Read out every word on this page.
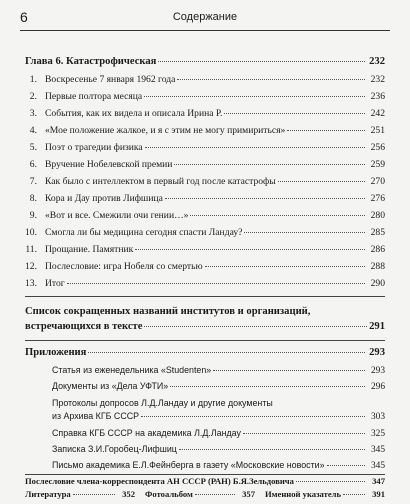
6	Содержание
Глава 6. Катастрофическая	232
1. Воскресенье 7 января 1962 года	232
2. Первые полтора месяца	236
3. События, как их видела и описала Ирина Р.	242
4. «Мое положение жалкое, и я с этим не могу примириться»	251
5. Поэт о трагедии физика	256
6. Вручение Нобелевской премии	259
7. Как было с интеллектом в первый год после катастрофы	270
8. Кора и Дау против Лифшица	276
9. «Вот и все. Смежили очи гении…»	280
10. Смогла ли бы медицина сегодня спасти Ландау?	285
11. Прощание. Памятник	286
12. Послесловие: игра Нобеля со смертью	288
13. Итог	290
Список сокращенных названий институтов и организаций,
встречающихся в тексте	291
Приложения	293
Статья из еженедельника «Studenten»	293
Документы из «Дела УФТИ»	296
Протоколы допросов Л.Д.Ландау и другие документы
из Архива КГБ СССР	303
Справка КГБ СССР на академика Л.Д.Ландау	325
Записка З.И.Горобец-Лифшиц	345
Письмо академика Е.Л.Фейнберга в газету «Московские новости»	345
Послесловие члена-корреспондента АН СССР (РАН) Б.Я.Зельдовича	347
Литература	352 Фотоальбом	357 Именной указатель	391
